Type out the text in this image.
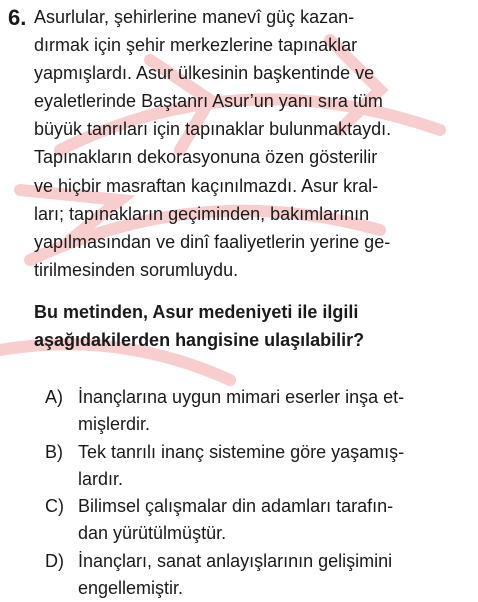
6. Asurlular, şehirlerine manevî güç kazan-
dırmak için şehir merkezlerine tapınaklar
yapmışlardı. Asur ülkesinin başkentinde ve
eyaletlerinde Baştanrı Asur’un yanı sıra tüm
büyük tanrıları için tapınaklar bulunmaktaydı.
Tapınakların dekorasyonuna özen gösterilir
ve hiçbir masraftan kaçınılmazdı. Asur kral-
ları; tapınakların geçiminden, bakımlarının
yapılmasından ve dinî faaliyetlerin yerine ge-
tirilmesinden sorumluydu.
Bu metinden, Asur medeniyeti ile ilgili
aşağıdakilerden hangisine ulaşılabilir?
A) İnançlarına uygun mimari eserler inşa et-
mişlerdir.
B) Tek tanrılı inanç sistemine göre yaşamış-
lardır.
C) Bilimsel çalışmalar din adamları tarafın-
dan yürütülmüştür.
D) İnançları, sanat anlayışlarının gelişimini
engellemiştir.
